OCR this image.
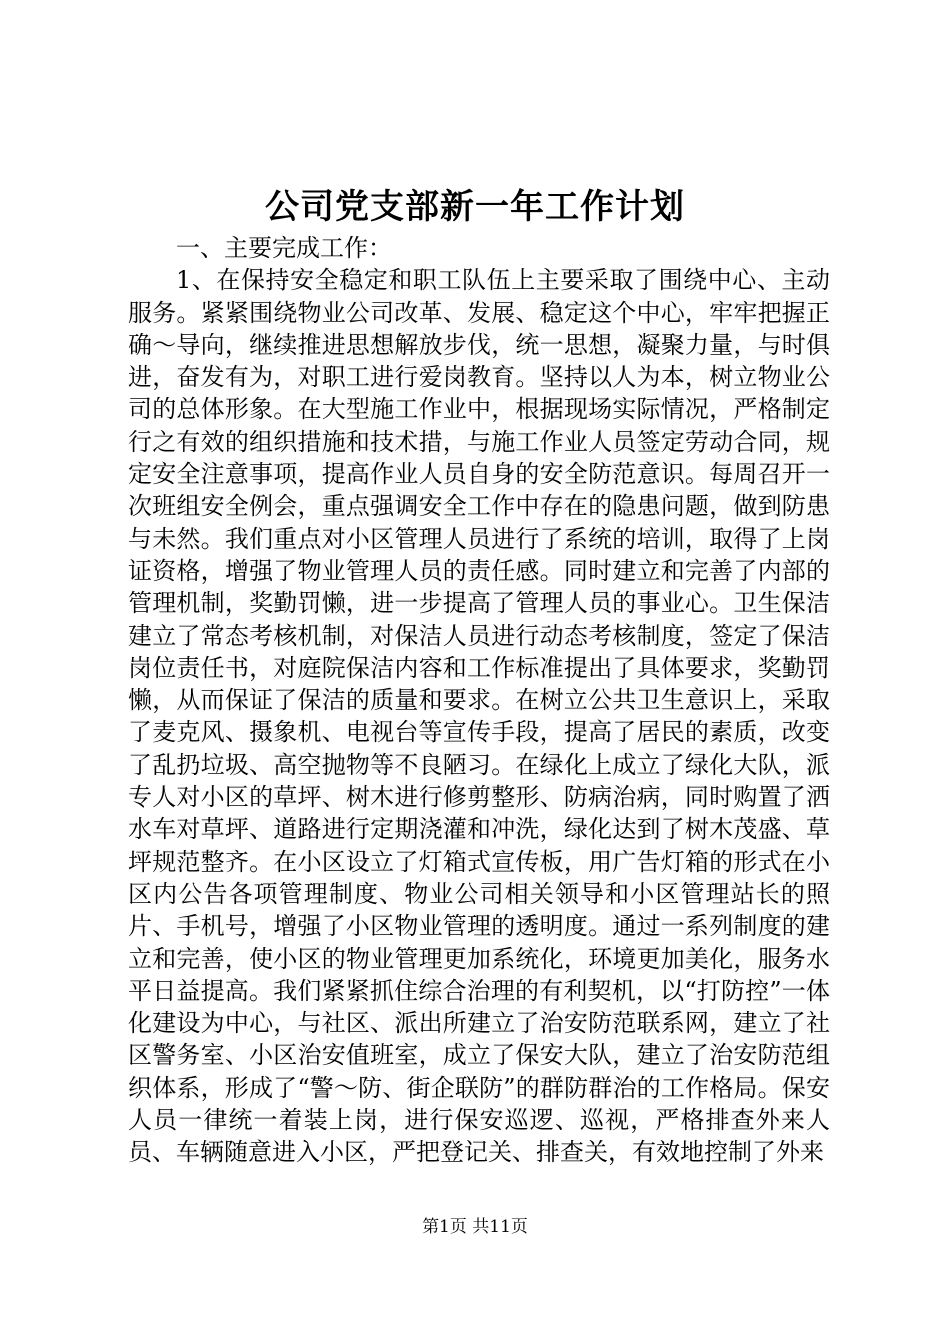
公司党支部新一年工作计划

一、主要完成工作：

1、在保持安全稳定和职工队伍上主要采取了围绕中心、主动服务。紧紧围绕物业公司改革、发展、稳定这个中心，牢牢把握正确～导向，继续推进思想解放步伐，统一思想，凝聚力量，与时俱进，奋发有为，对职工进行爱岗教育。坚持以人为本，树立物业公司的总体形象。在大型施工作业中，根据现场实际情况，严格制定行之有效的组织措施和技术措，与施工作业人员签定劳动合同，规定安全注意事项，提高作业人员自身的安全防范意识。每周召开一次班组安全例会，重点强调安全工作中存在的隐患问题，做到防患与未然。我们重点对小区管理人员进行了系统的培训，取得了上岗证资格，增强了物业管理人员的责任感。同时建立和完善了内部的管理机制，奖勤罚懒，进一步提高了管理人员的事业心。卫生保洁建立了常态考核机制，对保洁人员进行动态考核制度，签定了保洁岗位责任书，对庭院保洁内容和工作标准提出了具体要求，奖勤罚懒，从而保证了保洁的质量和要求。在树立公共卫生意识上，采取了麦克风、摄象机、电视台等宣传手段，提高了居民的素质，改变了乱扔垃圾、高空抛物等不良陋习。在绿化上成立了绿化大队，派专人对小区的草坪、树木进行修剪整形、防病治病，同时购置了洒水车对草坪、道路进行定期浇灌和冲洗，绿化达到了树木茂盛、草坪规范整齐。在小区设立了灯箱式宣传板，用广告灯箱的形式在小区内公告各项管理制度、物业公司相关领导和小区管理站长的照片、手机号，增强了小区物业管理的透明度。通过一系列制度的建立和完善，使小区的物业管理更加系统化，环境更加美化，服务水平日益提高。我们紧紧抓住综合治理的有利契机，以“打防控”一体化建设为中心，与社区、派出所建立了治安防范联系网，建立了社区警务室、小区治安值班室，成立了保安大队，建立了治安防范组织体系，形成了“警～防、街企联防”的群防群治的工作格局。保安人员一律统一着装上岗，进行保安巡逻、巡视，严格排查外来人员、车辆随意进入小区，严把登记关、排查关，有效地控制了外来

第1页 共11页
